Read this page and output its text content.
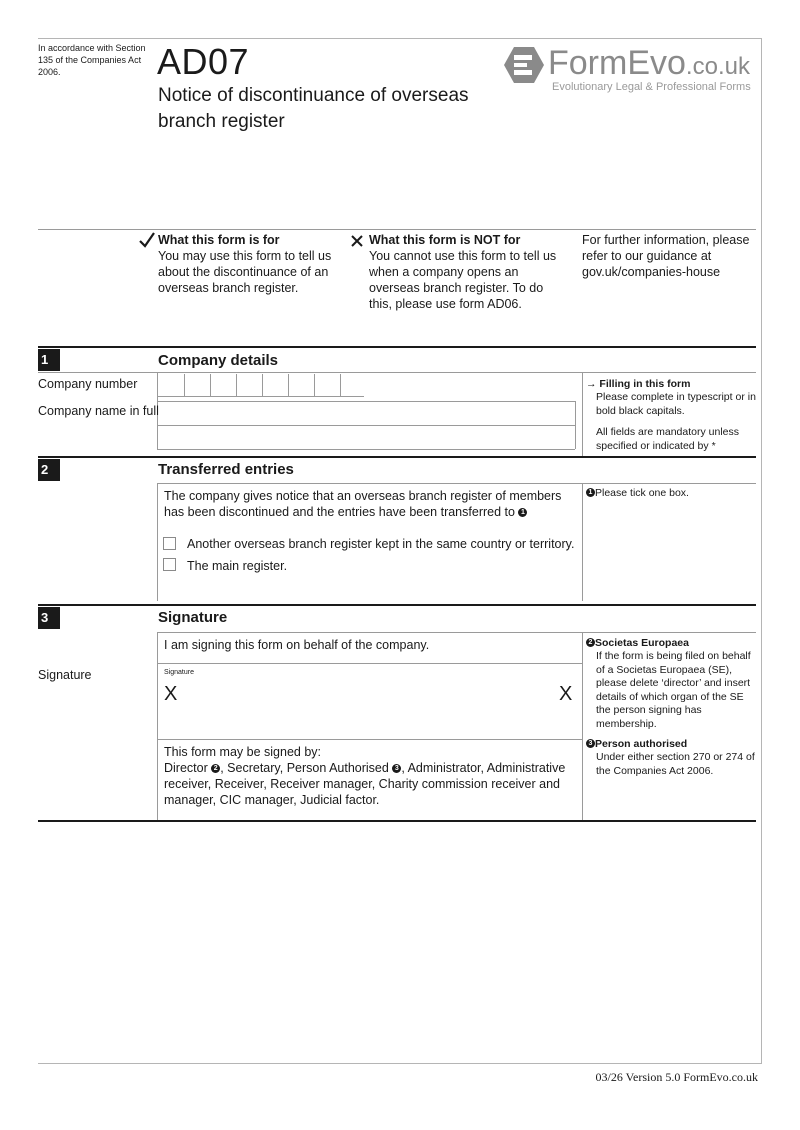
In accordance with Section 135 of the Companies Act 2006.	AD07
Notice of discontinuance of overseas branch register
FormEvo.co.uk
Evolutionary Legal & Professional Forms
What this form is for
You may use this form to tell us about the discontinuance of an overseas branch register.
What this form is NOT for
You cannot use this form to tell us when a company opens an overseas branch register. To do this, please use form AD06.
For further information, please refer to our guidance at gov.uk/companies-house
1	Company details
Company number
Company name in full
→ Filling in this form
Please complete in typescript or in bold black capitals.
All fields are mandatory unless specified or indicated by *
2	Transferred entries
The company gives notice that an overseas branch register of members has been discontinued and the entries have been transferred to 1
Another overseas branch register kept in the same country or territory.
The main register.
1 Please tick one box.
3	Signature
I am signing this form on behalf of the company.
Signature	Signature
X	X
This form may be signed by:
Director 2 , Secretary, Person Authorised 3 , Administrator, Administrative receiver, Receiver, Receiver manager, Charity commission receiver and manager, CIC manager, Judicial factor.
2 Societas Europaea
If the form is being filed on behalf of a Societas Europaea (SE), please delete ‘director’ and insert details of which organ of the SE the person signing has membership.
3 Person authorised
Under either section 270 or 274 of the Companies Act 2006.
03/26 Version 5.0 FormEvo.co.uk
